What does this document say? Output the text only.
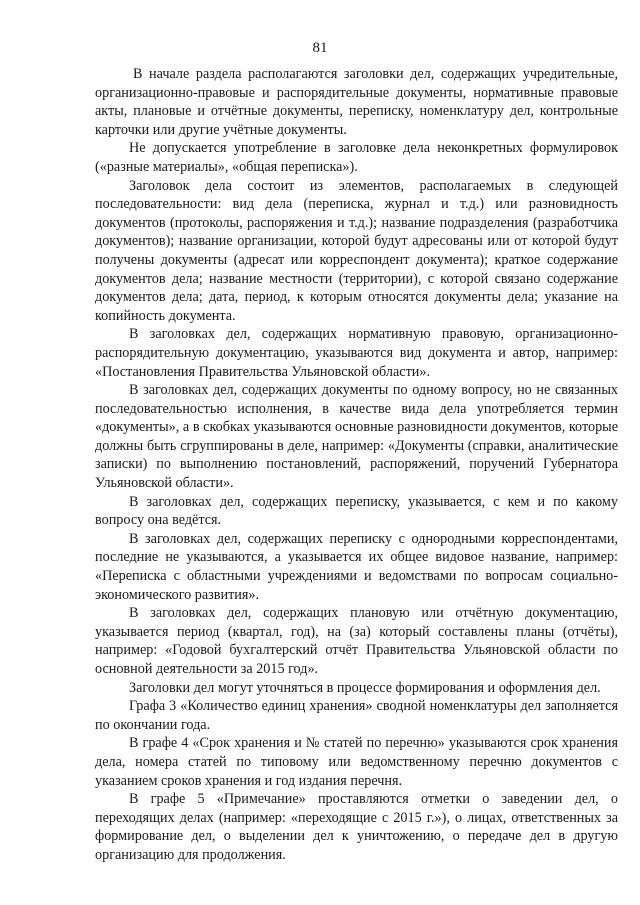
81

В начале раздела располагаются заголовки дел, содержащих учредительные, организационно-правовые и распорядительные документы, нормативные правовые акты, плановые и отчётные документы, переписку, номенклатуру дел, контрольные карточки или другие учётные документы.

Не допускается употребление в заголовке дела неконкретных формулировок («разные материалы», «общая переписка»).

Заголовок дела состоит из элементов, располагаемых в следующей последовательности: вид дела (переписка, журнал и т.д.) или разновидность документов (протоколы, распоряжения и т.д.); название подразделения (разработчика документов); название организации, которой будут адресованы или от которой будут получены документы (адресат или корреспондент документа); краткое содержание документов дела; название местности (территории), с которой связано содержание документов дела; дата, период, к которым относятся документы дела; указание на копийность документа.

В заголовках дел, содержащих нормативную правовую, организационно-распорядительную документацию, указываются вид документа и автор, например: «Постановления Правительства Ульяновской области».

В заголовках дел, содержащих документы по одному вопросу, но не связанных последовательностью исполнения, в качестве вида дела употребляется термин «документы», а в скобках указываются основные разновидности документов, которые должны быть сгруппированы в деле, например: «Документы (справки, аналитические записки) по выполнению постановлений, распоряжений, поручений Губернатора Ульяновской области».

В заголовках дел, содержащих переписку, указывается, с кем и по какому вопросу она ведётся.

В заголовках дел, содержащих переписку с однородными корреспондентами, последние не указываются, а указывается их общее видовое название, например: «Переписка с областными учреждениями и ведомствами по вопросам социально-экономического развития».

В заголовках дел, содержащих плановую или отчётную документацию, указывается период (квартал, год), на (за) который составлены планы (отчёты), например: «Годовой бухгалтерский отчёт Правительства Ульяновской области по основной деятельности за 2015 год».

Заголовки дел могут уточняться в процессе формирования и оформления дел.

Графа 3 «Количество единиц хранения» сводной номенклатуры дел заполняется по окончании года.

В графе 4 «Срок хранения и № статей по перечню» указываются срок хранения дела, номера статей по типовому или ведомственному перечню документов с указанием сроков хранения и год издания перечня.

В графе 5 «Примечание» проставляются отметки о заведении дел, о переходящих делах (например: «переходящие с 2015 г.»), о лицах, ответственных за формирование дел, о выделении дел к уничтожению, о передаче дел в другую организацию для продолжения.
